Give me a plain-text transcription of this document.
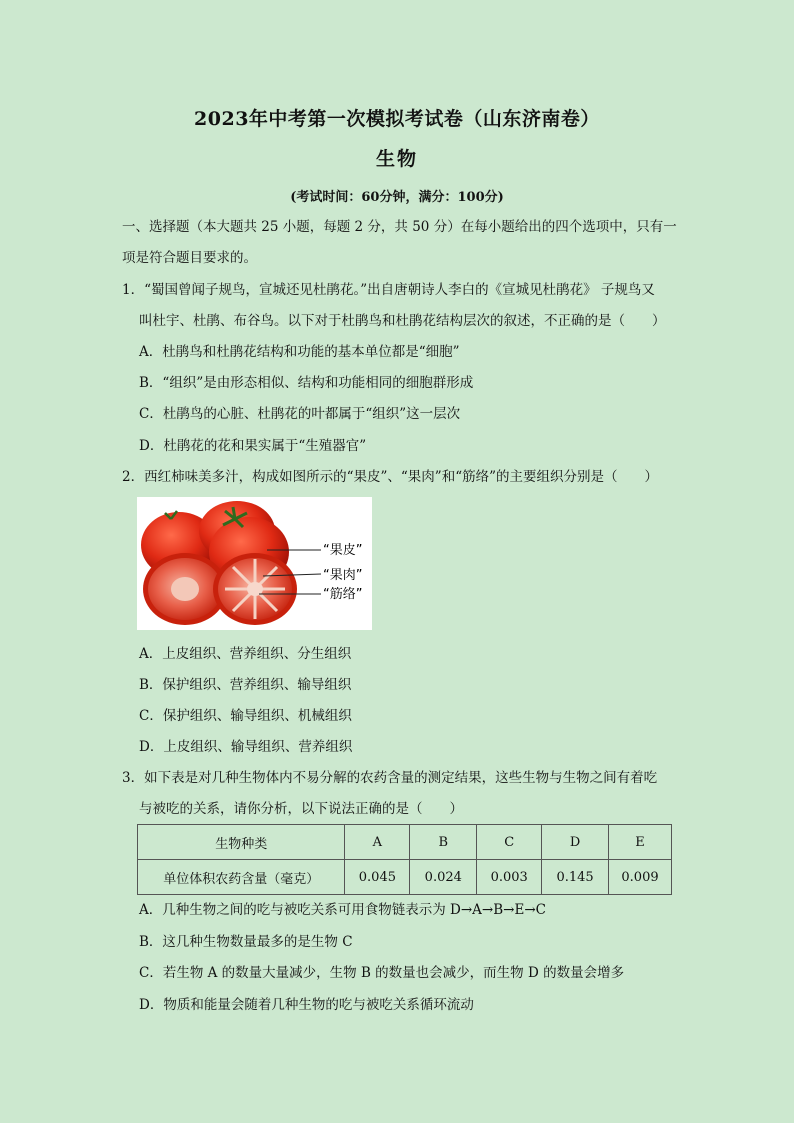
2023年中考第一次模拟考试卷（山东济南卷）
生物
(考试时间：60分钟，满分：100分)
一、选择题（本大题共 25 小题，每题 2 分，共 50 分）在每小题给出的四个选项中，只有一
项是符合题目要求的。
1．“蜀国曾闻子规鸟，宣城还见杜鹃花。”出自唐朝诗人李白的《宣城见杜鹃花》 子规鸟又
叫杜宇、杜鹃、布谷鸟。以下对于杜鹃鸟和杜鹃花结构层次的叙述，不正确的是（　　）
A．杜鹃鸟和杜鹃花结构和功能的基本单位都是“细胞”
B．“组织”是由形态相似、结构和功能相同的细胞群形成
C．杜鹃鸟的心脏、杜鹃花的叶都属于“组织”这一层次
D．杜鹃花的花和果实属于“生殖器官”
2．西红柿味美多汁，构成如图所示的“果皮”、“果肉”和“筋络”的主要组织分别是（　　）
“果皮”
“果肉”
“筋络”
A．上皮组织、营养组织、分生组织
B．保护组织、营养组织、输导组织
C．保护组织、输导组织、机械组织
D．上皮组织、输导组织、营养组织
3．如下表是对几种生物体内不易分解的农药含量的测定结果，这些生物与生物之间有着吃
与被吃的关系，请你分析，以下说法正确的是（　　）
生物种类	A	B	C	D	E
单位体积农药含量（毫克）	0.045	0.024	0.003	0.145	0.009
A．几种生物之间的吃与被吃关系可用食物链表示为 D→A→B→E→C
B．这几种生物数量最多的是生物 C
C．若生物 A 的数量大量减少，生物 B 的数量也会减少，而生物 D 的数量会增多
D．物质和能量会随着几种生物的吃与被吃关系循环流动
